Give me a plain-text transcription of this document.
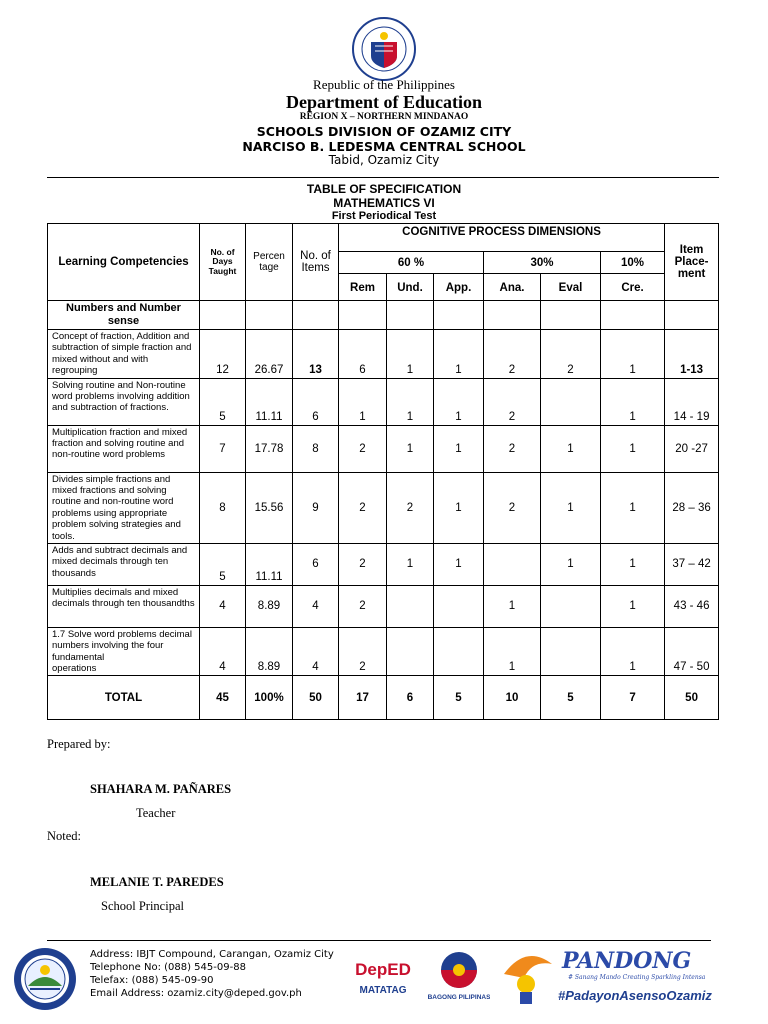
Republic of the Philippines
Department of Education
REGION X – NORTHERN MINDANAO
SCHOOLS DIVISION OF OZAMIZ CITY
NARCISO B. LEDESMA CENTRAL SCHOOL
Tabid, Ozamiz City
TABLE OF SPECIFICATION
MATHEMATICS VI
First Periodical Test
Learning Competencies	No. of Days Taught	Percen tage	No. of Items	COGNITIVE PROCESS DIMENSIONS						Item Place- ment
				60 %			30%		10%	
				Rem	Und.	App.	Ana.	Eval	Cre.	
Numbers and Number sense										
Concept of fraction, Addition and subtraction of simple fraction and mixed without and with regrouping	12	26.67	13	6	1	1	2	2	1	1-13
Solving routine and Non-routine word problems involving addition and subtraction of fractions.	5	11.11	6	1	1	1	2		1	14 - 19
Multiplication fraction and mixed fraction and solving routine and non-routine word problems	7	17.78	8	2	1	1	2	1	1	20 -27
Divides simple fractions and mixed fractions and solving routine and non-routine word problems using appropriate problem solving strategies and tools.	8	15.56	9	2	2	1	2	1	1	28 – 36
Adds and subtract decimals and mixed decimals through ten thousands	5	11.11	6	2	1	1		1	1	37 – 42
Multiplies decimals and mixed decimals through ten thousandths	4	8.89	4	2			1		1	43 - 46
1.7 Solve word problems decimal numbers involving the four fundamental
operations	4	8.89	4	2			1		1	47 - 50
TOTAL	45	100%	50	17	6	5	10	5	7	50
Prepared by:
SHAHARA M. PAÑARES
Teacher
Noted:
MELANIE T. PAREDES
School Principal
Address: IBJT Compound, Carangan, Ozamiz City
Telephone No: (088) 545-09-88
Telefax: (088) 545-09-90
Email Address: ozamiz.city@deped.gov.ph
DepED
MATATAG
BAGONG PILIPINAS
PANDONG
# Sanang Mando Creating Sparkling Intensa
#PadayonAsensoOzamiz
